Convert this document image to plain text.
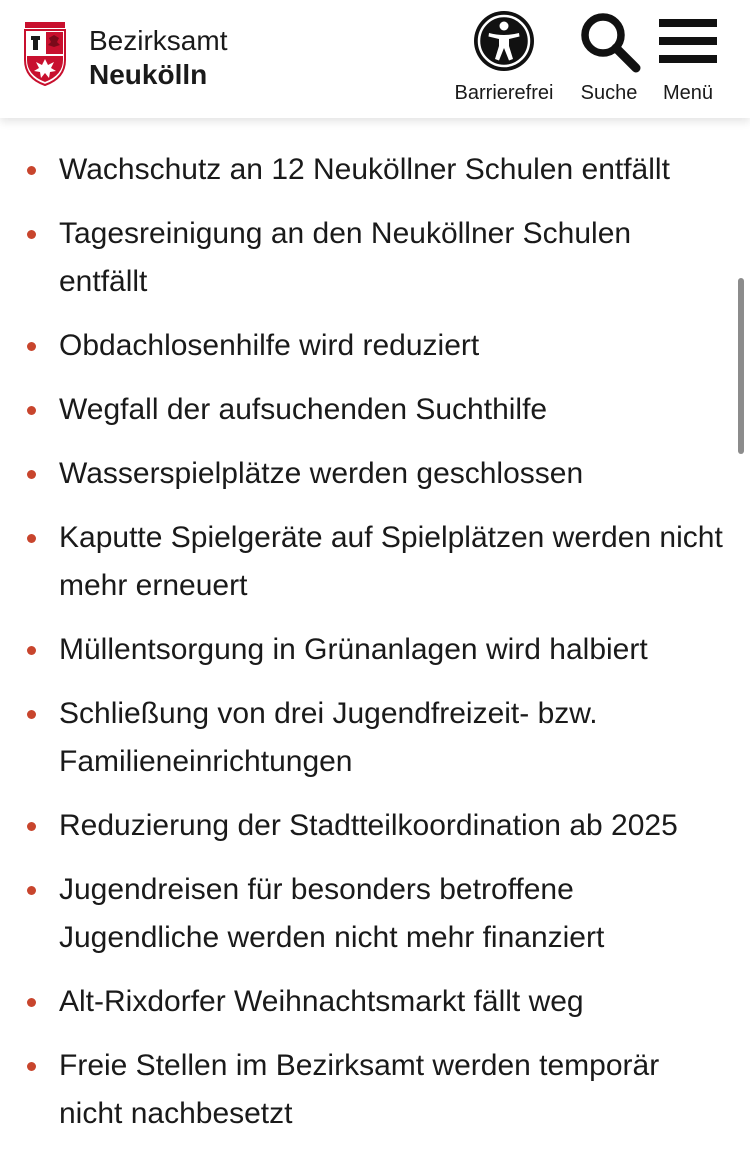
Bezirksamt
Neukölln
Barrierefrei Suche Menü
Wachschutz an 12 Neuköllner Schulen entfällt
Tagesreinigung an den Neuköllner Schulen entfällt
Obdachlosenhilfe wird reduziert
Wegfall der aufsuchenden Suchthilfe
Wasserspielplätze werden geschlossen
Kaputte Spielgeräte auf Spielplätzen werden nicht mehr erneuert
Müllentsorgung in Grünanlagen wird halbiert
Schließung von drei Jugendfreizeit- bzw. Familieneinrichtungen
Reduzierung der Stadtteilkoordination ab 2025
Jugendreisen für besonders betroffene Jugendliche werden nicht mehr finanziert
Alt-Rixdorfer Weihnachtsmarkt fällt weg
Freie Stellen im Bezirksamt werden temporär nicht nachbesetzt
